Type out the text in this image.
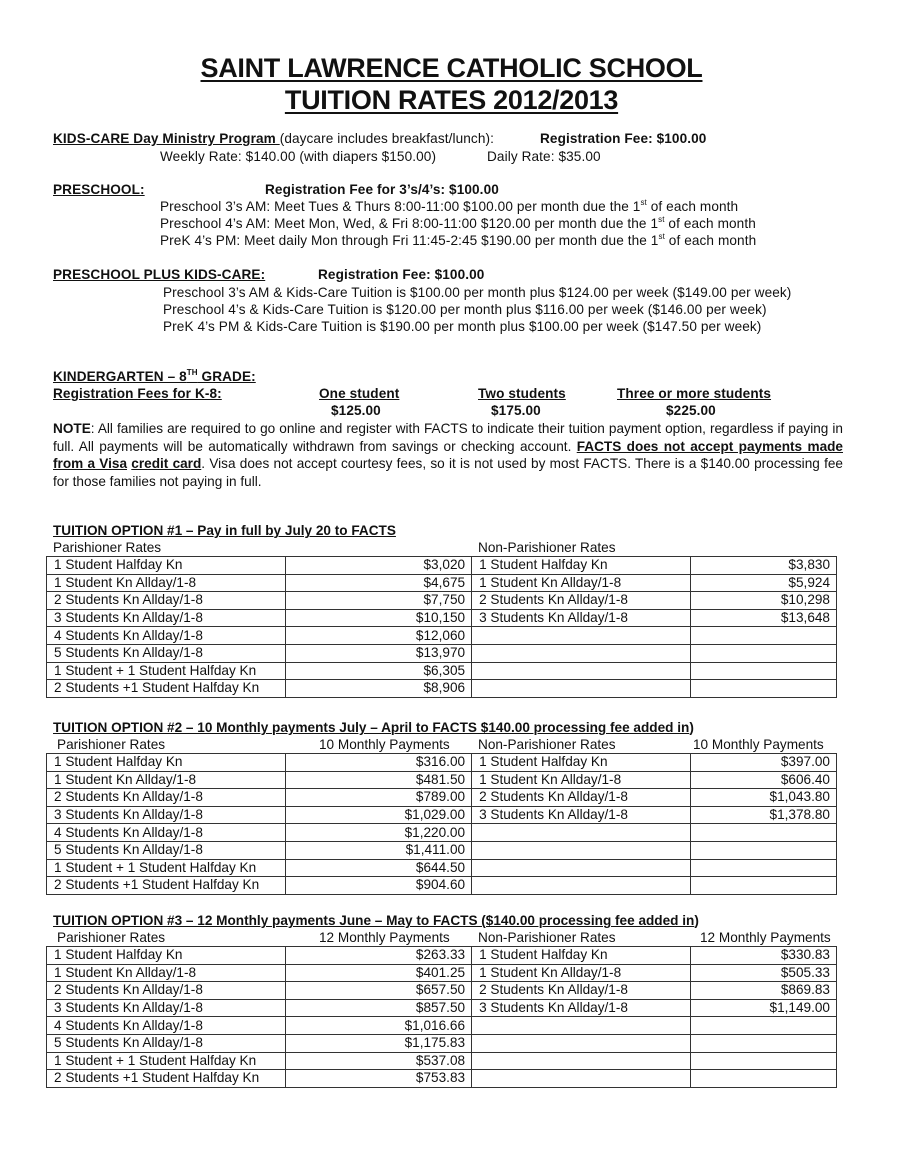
SAINT LAWRENCE CATHOLIC SCHOOL
TUITION RATES 2012/2013
KIDS-CARE Day Ministry Program (daycare includes breakfast/lunch):	Registration Fee: $100.00
Weekly Rate: $140.00 (with diapers $150.00)	Daily Rate: $35.00
PRESCHOOL:	Registration Fee for 3’s/4’s: $100.00
Preschool 3’s AM: Meet Tues & Thurs 8:00-11:00 $100.00 per month due the 1st of each month
Preschool 4’s AM: Meet Mon, Wed, & Fri 8:00-11:00 $120.00 per month due the 1st of each month
PreK 4’s PM: Meet daily Mon through Fri 11:45-2:45 $190.00 per month due the 1st of each month
PRESCHOOL PLUS KIDS-CARE:	Registration Fee: $100.00
Preschool 3’s AM & Kids-Care Tuition is $100.00 per month plus $124.00 per week ($149.00 per week)
Preschool 4’s & Kids-Care Tuition is $120.00 per month plus $116.00 per week ($146.00 per week)
PreK 4’s PM & Kids-Care Tuition is $190.00 per month plus $100.00 per week ($147.50 per week)
KINDERGARTEN – 8TH GRADE:
Registration Fees for K-8:	One student	Two students	Three or more students
$125.00	$175.00	$225.00
NOTE: All families are required to go online and register with FACTS to indicate their tuition payment option, regardless if paying in full. All payments will be automatically withdrawn from savings or checking account. FACTS does not accept payments made from a Visa credit card. Visa does not accept courtesy fees, so it is not used by most FACTS. There is a $140.00 processing fee for those families not paying in full.
TUITION OPTION #1 – Pay in full by July 20 to FACTS
Parishioner Rates	Non-Parishioner Rates
1 Student Halfday Kn	$3,020	1 Student Halfday Kn	$3,830
1 Student Kn Allday/1-8	$4,675	1 Student Kn Allday/1-8	$5,924
2 Students Kn Allday/1-8	$7,750	2 Students Kn Allday/1-8	$10,298
3 Students Kn Allday/1-8	$10,150	3 Students Kn Allday/1-8	$13,648
4 Students Kn Allday/1-8	$12,060		
5 Students Kn Allday/1-8	$13,970		
1 Student + 1 Student Halfday Kn	$6,305		
2 Students +1 Student Halfday Kn	$8,906		
TUITION OPTION #2 – 10 Monthly payments July – April to FACTS $140.00 processing fee added in)
Parishioner Rates	10 Monthly Payments Non-Parishioner Rates	10 Monthly Payments
1 Student Halfday Kn	$316.00	1 Student Halfday Kn	$397.00
1 Student Kn Allday/1-8	$481.50	1 Student Kn Allday/1-8	$606.40
2 Students Kn Allday/1-8	$789.00	2 Students Kn Allday/1-8	$1,043.80
3 Students Kn Allday/1-8	$1,029.00	3 Students Kn Allday/1-8	$1,378.80
4 Students Kn Allday/1-8	$1,220.00		
5 Students Kn Allday/1-8	$1,411.00		
1 Student + 1 Student Halfday Kn	$644.50		
2 Students +1 Student Halfday Kn	$904.60		
TUITION OPTION #3 – 12 Monthly payments June – May to FACTS ($140.00 processing fee added in)
Parishioner Rates	12 Monthly Payments Non-Parishioner Rates	12 Monthly Payments
1 Student Halfday Kn	$263.33	1 Student Halfday Kn	$330.83
1 Student Kn Allday/1-8	$401.25	1 Student Kn Allday/1-8	$505.33
2 Students Kn Allday/1-8	$657.50	2 Students Kn Allday/1-8	$869.83
3 Students Kn Allday/1-8	$857.50	3 Students Kn Allday/1-8	$1,149.00
4 Students Kn Allday/1-8	$1,016.66		
5 Students Kn Allday/1-8	$1,175.83		
1 Student + 1 Student Halfday Kn	$537.08		
2 Students +1 Student Halfday Kn	$753.83		
